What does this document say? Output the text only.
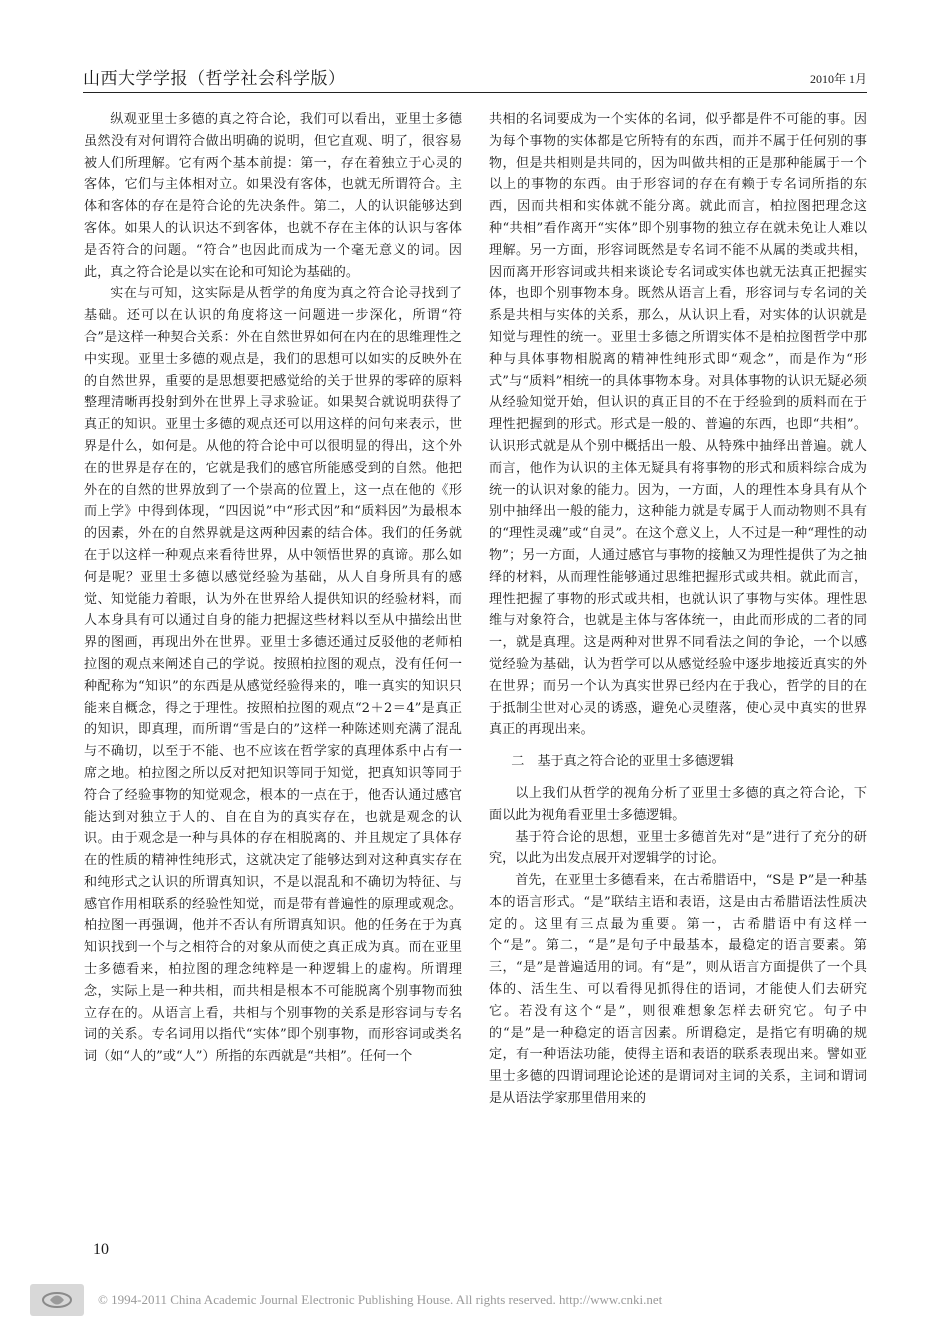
山西大学学报（哲学社会科学版）	2010年 1月

纵观亚里士多德的真之符合论，我们可以看出，亚里士多德虽然没有对何谓符合做出明确的说明，但它直观、明了，很容易被人们所理解。它有两个基本前提：第一，存在着独立于心灵的客体，它们与主体相对立。如果没有客体，也就无所谓符合。主体和客体的存在是符合论的先决条件。第二，人的认识能够达到客体。如果人的认识达不到客体，也就不存在主体的认识与客体是否符合的问题。“符合”也因此而成为一个毫无意义的词。因此，真之符合论是以实在论和可知论为基础的。

实在与可知，这实际是从哲学的角度为真之符合论寻找到了基础。还可以在认识的角度将这一问题进一步深化，所谓“符合”是这样一种契合关系：外在自然世界如何在内在的思维理性之中实现。亚里士多德的观点是，我们的思想可以如实的反映外在的自然世界，重要的是思想要把感觉给的关于世界的零碎的原料整理清晰再投射到外在世界上寻求验证。如果契合就说明获得了真正的知识。亚里士多德的观点还可以用这样的问句来表示，世界是什么，如何是。从他的符合论中可以很明显的得出，这个外在的世界是存在的，它就是我们的感官所能感受到的自然。他把外在的自然的世界放到了一个崇高的位置上，这一点在他的《形而上学》中得到体现，“四因说”中“形式因”和“质料因”为最根本的因素，外在的自然界就是这两种因素的结合体。我们的任务就在于以这样一种观点来看待世界，从中领悟世界的真谛。那么如何是呢？亚里士多德以感觉经验为基础，从人自身所具有的感觉、知觉能力着眼，认为外在世界给人提供知识的经验材料，而人本身具有可以通过自身的能力把握这些材料以至从中描绘出世界的图画，再现出外在世界。亚里士多德还通过反驳他的老师柏拉图的观点来阐述自己的学说。按照柏拉图的观点，没有任何一种配称为“知识”的东西是从感觉经验得来的，唯一真实的知识只能来自概念，得之于理性。按照柏拉图的观点“2＋2＝4”是真正的知识，即真理，而所谓“雪是白的”这样一种陈述则充满了混乱与不确切，以至于不能、也不应该在哲学家的真理体系中占有一席之地。柏拉图之所以反对把知识等同于知觉，把真知识等同于符合了经验事物的知觉观念，根本的一点在于，他否认通过感官能达到对独立于人的、自在自为的真实存在，也就是观念的认识。由于观念是一种与具体的存在相脱离的、并且规定了具体存在的性质的精神性纯形式，这就决定了能够达到对这种真实存在和纯形式之认识的所谓真知识，不是以混乱和不确切为特征、与感官作用相联系的经验性知觉，而是带有普遍性的原理或观念。柏拉图一再强调，他并不否认有所谓真知识。他的任务在于为真知识找到一个与之相符合的对象从而使之真正成为真。而在亚里士多德看来，柏拉图的理念纯粹是一种逻辑上的虚构。所谓理念，实际上是一种共相，而共相是根本不可能脱离个别事物而独立存在的。从语言上看，共相与个别事物的关系是形容词与专名词的关系。专名词用以指代“实体”即个别事物，而形容词或类名词（如“人的”或“人”）所指的东西就是“共相”。任何一个

共相的名词要成为一个实体的名词，似乎都是件不可能的事。因为每个事物的实体都是它所特有的东西，而并不属于任何别的事物，但是共相则是共同的，因为叫做共相的正是那种能属于一个以上的事物的东西。由于形容词的存在有赖于专名词所指的东西，因而共相和实体就不能分离。就此而言，柏拉图把理念这种“共相”看作离开“实体”即个别事物的独立存在就未免让人难以理解。另一方面，形容词既然是专名词不能不从属的类或共相，因而离开形容词或共相来谈论专名词或实体也就无法真正把握实体，也即个别事物本身。既然从语言上看，形容词与专名词的关系是共相与实体的关系，那么，从认识上看，对实体的认识就是知觉与理性的统一。亚里士多德之所谓实体不是柏拉图哲学中那种与具体事物相脱离的精神性纯形式即“观念”，而是作为“形式”与“质料”相统一的具体事物本身。对具体事物的认识无疑必须从经验知觉开始，但认识的真正目的不在于经验到的质料而在于理性把握到的形式。形式是一般的、普遍的东西，也即“共相”。认识形式就是从个别中概括出一般、从特殊中抽绎出普遍。就人而言，他作为认识的主体无疑具有将事物的形式和质料综合成为统一的认识对象的能力。因为，一方面，人的理性本身具有从个别中抽绎出一般的能力，这种能力就是专属于人而动物则不具有的“理性灵魂”或“自灵”。在这个意义上，人不过是一种“理性的动物”；另一方面，人通过感官与事物的接触又为理性提供了为之抽绎的材料，从而理性能够通过思维把握形式或共相。就此而言，理性把握了事物的形式或共相，也就认识了事物与实体。理性思维与对象符合，也就是主体与客体统一，由此而形成的二者的同一，就是真理。这是两种对世界不同看法之间的争论，一个以感觉经验为基础，认为哲学可以从感觉经验中逐步地接近真实的外在世界；而另一个认为真实世界已经内在于我心，哲学的目的在于抵制尘世对心灵的诱惑，避免心灵堕落，使心灵中真实的世界真正的再现出来。

二　基于真之符合论的亚里士多德逻辑

以上我们从哲学的视角分析了亚里士多德的真之符合论，下面以此为视角看亚里士多德逻辑。

基于符合论的思想，亚里士多德首先对“是”进行了充分的研究，以此为出发点展开对逻辑学的讨论。

首先，在亚里士多德看来，在古希腊语中，“S是 P”是一种基本的语言形式。“是”联结主语和表语，这是由古希腊语法性质决定的。这里有三点最为重要。第一，古希腊语中有这样一个“是”。第二，“是”是句子中最基本，最稳定的语言要素。第三，“是”是普遍适用的词。有“是”，则从语言方面提供了一个具体的、活生生、可以看得见抓得住的语词，才能使人们去研究它。若没有这个“是”，则很难想象怎样去研究它。句子中的“是”是一种稳定的语言因素。所谓稳定，是指它有明确的规定，有一种语法功能，使得主语和表语的联系表现出来。譬如亚里士多德的四谓词理论论述的是谓词对主词的关系，主词和谓词是从语法学家那里借用来的

10
© 1994-2011 China Academic Journal Electronic Publishing House. All rights reserved. http://www.cnki.net
